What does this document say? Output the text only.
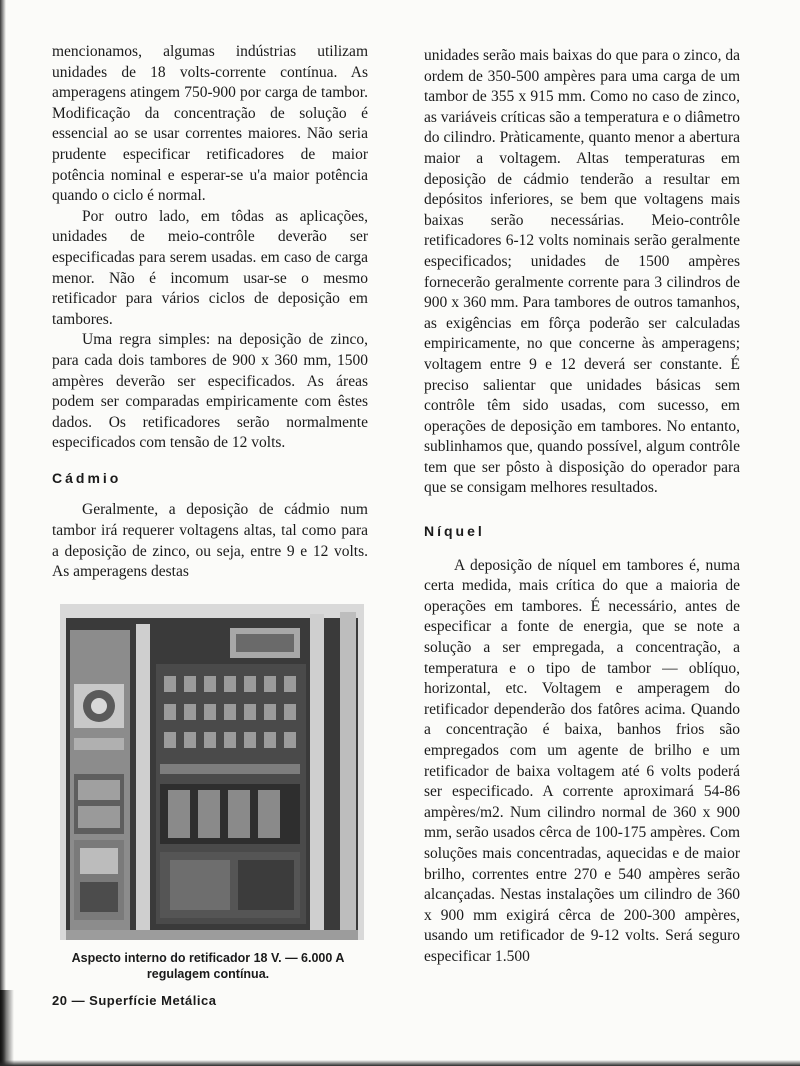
mencionamos, algumas indústrias utilizam unidades de 18 volts-corrente contínua. As amperagens atingem 750-900 por carga de tambor. Modificação da concentração de solução é essencial ao se usar correntes maiores. Não seria prudente especificar retificadores de maior potência nominal e esperar-se u'a maior potência quando o ciclo é normal.

Por outro lado, em tôdas as aplicações, unidades de meio-contrôle deverão ser especificadas para serem usadas. em caso de carga menor. Não é incomum usar-se o mesmo retificador para vários ciclos de deposição em tambores.

Uma regra simples: na deposição de zinco, para cada dois tambores de 900 x 360 mm, 1500 ampères deverão ser especificados. As áreas podem ser comparadas empiricamente com êstes dados. Os retificadores serão normalmente especificados com tensão de 12 volts.

Cádmio

Geralmente, a deposição de cádmio num tambor irá requerer voltagens altas, tal como para a deposição de zinco, ou seja, entre 9 e 12 volts. As amperagens destas

Aspecto interno do retificador 18 V. — 6.000 A
regulagem contínua.
20 — Superfície Metálica

unidades serão mais baixas do que para o zinco, da ordem de 350-500 ampères para uma carga de um tambor de 355 x 915 mm. Como no caso de zinco, as variáveis críticas são a temperatura e o diâmetro do cilindro. Pràticamente, quanto menor a abertura maior a voltagem. Altas temperaturas em deposição de cádmio tenderão a resultar em depósitos inferiores, se bem que voltagens mais baixas serão necessárias. Meio-contrôle retificadores 6-12 volts nominais serão geralmente especificados; unidades de 1500 ampères fornecerão geralmente corrente para 3 cilindros de 900 x 360 mm. Para tambores de outros tamanhos, as exigências em fôrça poderão ser calculadas empiricamente, no que concerne às amperagens; voltagem entre 9 e 12 deverá ser constante. É preciso salientar que unidades básicas sem contrôle têm sido usadas, com sucesso, em operações de deposição em tambores. No entanto, sublinhamos que, quando possível, algum contrôle tem que ser pôsto à disposição do operador para que se consigam melhores resultados.

Níquel

A deposição de níquel em tambores é, numa certa medida, mais crítica do que a maioria de operações em tambores. É necessário, antes de especificar a fonte de energia, que se note a solução a ser empregada, a concentração, a temperatura e o tipo de tambor — oblíquo, horizontal, etc. Voltagem e amperagem do retificador dependerão dos fatôres acima. Quando a concentração é baixa, banhos frios são empregados com um agente de brilho e um retificador de baixa voltagem até 6 volts poderá ser especificado. A corrente aproximará 54-86 ampères/m2. Num cilindro normal de 360 x 900 mm, serão usados cêrca de 100-175 ampères. Com soluções mais concentradas, aquecidas e de maior brilho, correntes entre 270 e 540 ampères serão alcançadas. Nestas instalações um cilindro de 360 x 900 mm exigirá cêrca de 200-300 ampères, usando um retificador de 9-12 volts. Será seguro especificar 1.500
